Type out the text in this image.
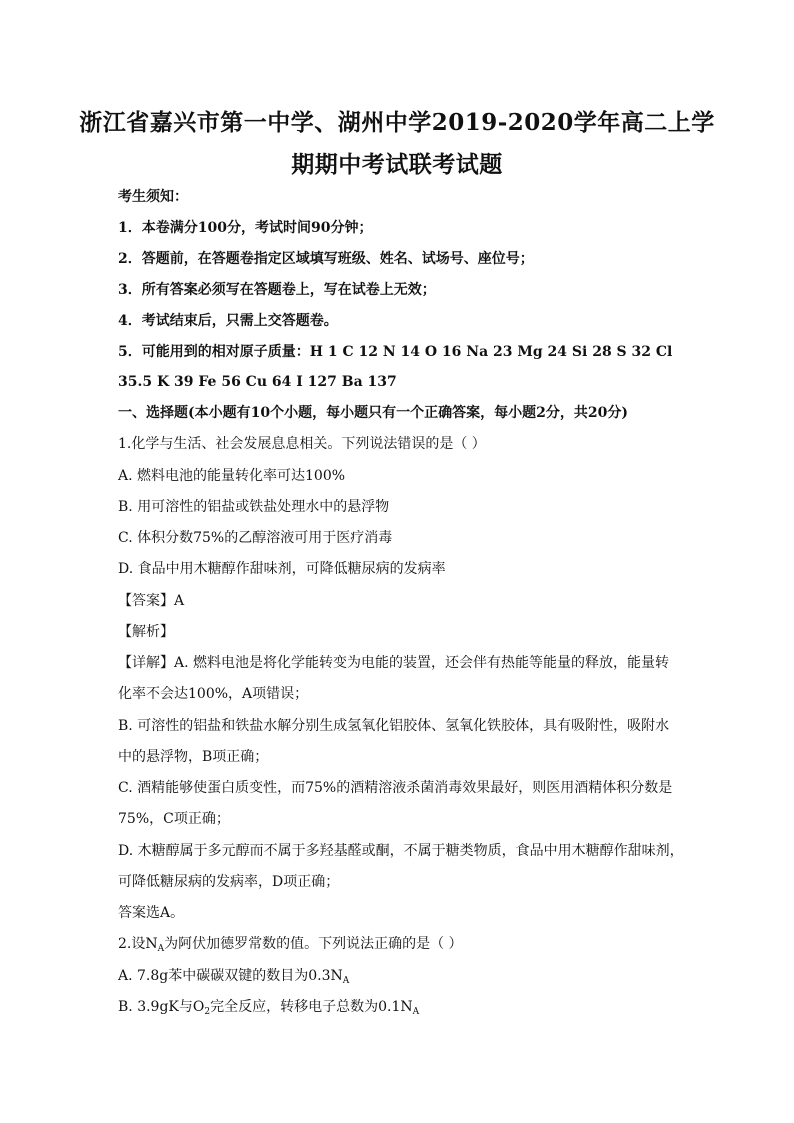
浙江省嘉兴市第一中学、湖州中学2019-2020学年高二上学
期期中考试联考试题
考生须知：
1．本卷满分100分，考试时间90分钟；
2．答题前，在答题卷指定区域填写班级、姓名、试场号、座位号；
3．所有答案必须写在答题卷上，写在试卷上无效；
4．考试结束后，只需上交答题卷。
5．可能用到的相对原子质量：H 1 C 12 N 14 O 16 Na 23 Mg 24 Si 28 S 32 Cl
35.5 K 39 Fe 56 Cu 64 I 127 Ba 137
一、选择题(本小题有10个小题，每小题只有一个正确答案，每小题2分，共20分)
1.化学与生活、社会发展息息相关。下列说法错误的是（ ）
A. 燃料电池的能量转化率可达100%
B. 用可溶性的铝盐或铁盐处理水中的悬浮物
C. 体积分数75%的乙醇溶液可用于医疗消毒
D. 食品中用木糖醇作甜味剂，可降低糖尿病的发病率
【答案】A
【解析】
【详解】A. 燃料电池是将化学能转变为电能的装置，还会伴有热能等能量的释放，能量转
化率不会达100%，A项错误；
B. 可溶性的铝盐和铁盐水解分别生成氢氧化铝胶体、氢氧化铁胶体，具有吸附性，吸附水
中的悬浮物，B项正确；
C. 酒精能够使蛋白质变性，而75%的酒精溶液杀菌消毒效果最好，则医用酒精体积分数是
75%，C项正确；
D. 木糖醇属于多元醇而不属于多羟基醛或酮，不属于糖类物质，食品中用木糖醇作甜味剂，
可降低糖尿病的发病率，D项正确；
答案选A。
2.设$N_A$为阿伏加德罗常数的值。下列说法正确的是（ ）
A. 7.8g苯中碳碳双键的数目为$0.3N_A$
B. 3.9gK与$O_2$完全反应，转移电子总数为$0.1N_A$
